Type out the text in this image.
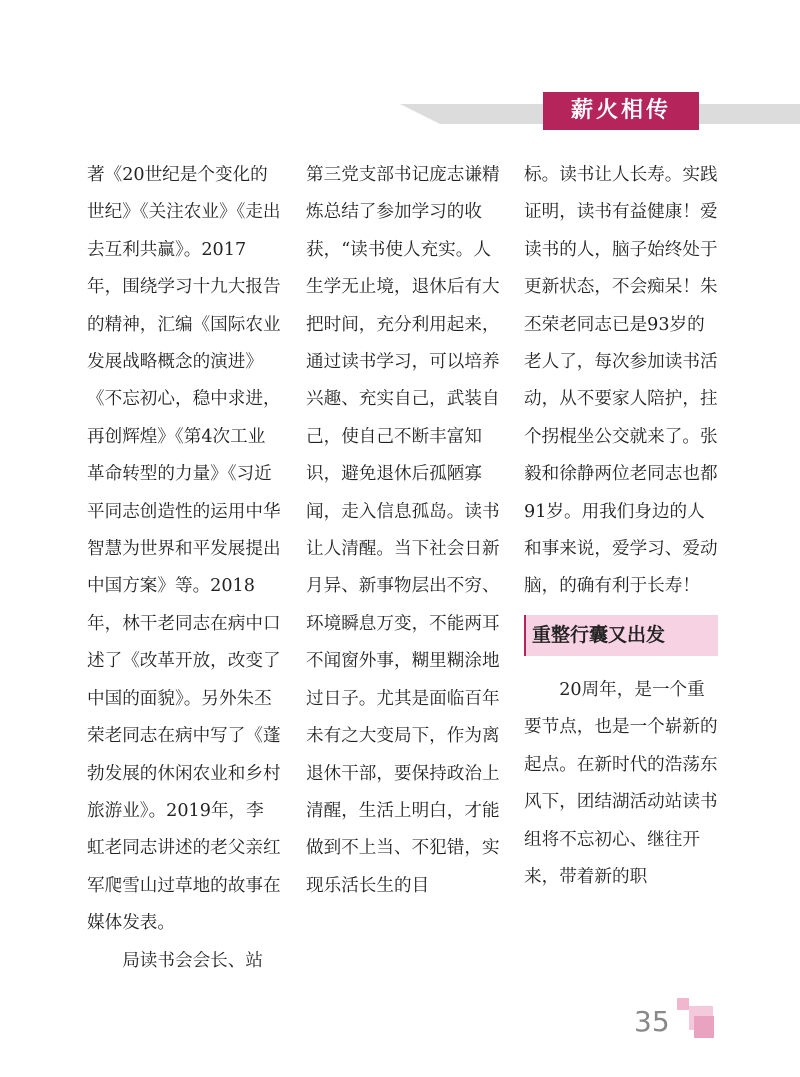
薪火相传

著《20世纪是个变化的世纪》《关注农业》《走出去互利共赢》。2017年，围绕学习十九大报告的精神，汇编《国际农业发展战略概念的演进》《不忘初心，稳中求进，再创辉煌》《第4次工业革命转型的力量》《习近平同志创造性的运用中华智慧为世界和平发展提出中国方案》等。2018年，林干老同志在病中口述了《改革开放，改变了中国的面貌》。另外朱丕荣老同志在病中写了《蓬勃发展的休闲农业和乡村旅游业》。2019年，李虹老同志讲述的老父亲红军爬雪山过草地的故事在媒体发表。

局读书会会长、站

第三党支部书记庞志谦精炼总结了参加学习的收获，“读书使人充实。人生学无止境，退休后有大把时间，充分利用起来，通过读书学习，可以培养兴趣、充实自己，武装自己，使自己不断丰富知识，避免退休后孤陋寡闻，走入信息孤岛。读书让人清醒。当下社会日新月异、新事物层出不穷、环境瞬息万变，不能两耳不闻窗外事，糊里糊涂地过日子。尤其是面临百年未有之大变局下，作为离退休干部，要保持政治上清醒，生活上明白，才能做到不上当、不犯错，实现乐活长生的目

标。读书让人长寿。实践证明，读书有益健康！爱读书的人，脑子始终处于更新状态，不会痴呆！朱丕荣老同志已是93岁的老人了，每次参加读书活动，从不要家人陪护，拄个拐棍坐公交就来了。张毅和徐静两位老同志也都91岁。用我们身边的人和事来说，爱学习、爱动脑，的确有利于长寿！

重整行囊又出发

20周年，是一个重要节点，也是一个崭新的起点。在新时代的浩荡东风下，团结湖活动站读书组将不忘初心、继往开来，带着新的职

35
